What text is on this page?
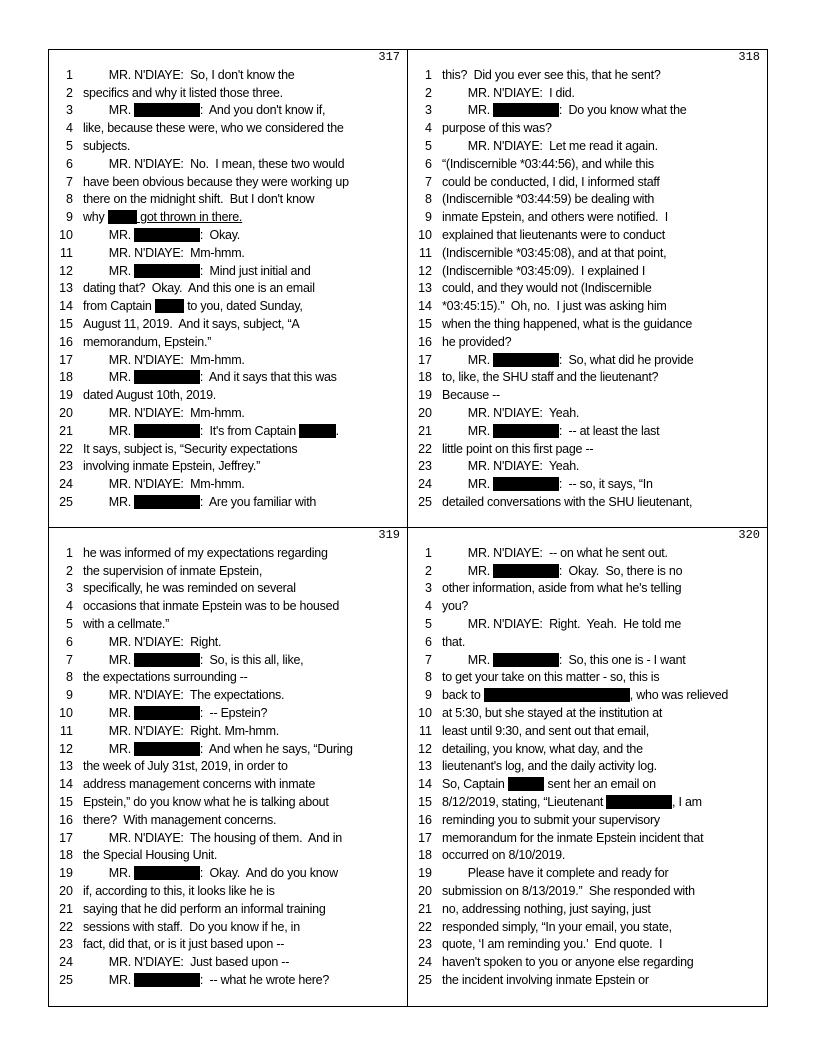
317
1 MR. N'DIAYE:  So, I don't know the
2 specifics and why it listed those three.
3 MR.	:  And you don't know if,
4 like, because these were, who we considered the
5 subjects.
6 MR. N'DIAYE:  No.  I mean, these two would
7 have been obvious because they were working up
8 there on the midnight shift.  But I don't know
9 why  got thrown in there.
10 MR.	:  Okay.
11 MR. N'DIAYE:  Mm-hmm.
12 MR.	:  Mind just initial and
13 dating that?  Okay.  And this one is an email
14 from Captain  to you, dated Sunday,
15 August 11, 2019.  And it says, subject, “A
16 memorandum, Epstein.”
17 MR. N'DIAYE:  Mm-hmm.
18 MR.	:  And it says that this was
19 dated August 10th, 2019.
20 MR. N'DIAYE:  Mm-hmm.
21 MR.	:  It's from Captain	.
22 It says, subject is, “Security expectations
23 involving inmate Epstein, Jeffrey.”
24 MR. N'DIAYE:  Mm-hmm.
25 MR.	:  Are you familiar with
318
1 this?  Did you ever see this, that he sent?
2 MR. N'DIAYE:  I did.
3 MR.	:  Do you know what the
4 purpose of this was?
5 MR. N'DIAYE:  Let me read it again.
6 “(Indiscernible *03:44:56), and while this
7 could be conducted, I did, I informed staff
8 (Indiscernible *03:44:59) be dealing with
9 inmate Epstein, and others were notified.  I
10 explained that lieutenants were to conduct
11 (Indiscernible *03:45:08), and at that point,
12 (Indiscernible *03:45:09).  I explained I
13 could, and they would not (Indiscernible
14 *03:45:15).”  Oh, no.  I just was asking him
15 when the thing happened, what is the guidance
16 he provided?
17 MR.	:  So, what did he provide
18 to, like, the SHU staff and the lieutenant?
19 Because --
20 MR. N'DIAYE:  Yeah.
21 MR.	:  -- at least the last
22 little point on this first page --
23 MR. N'DIAYE:  Yeah.
24 MR.	:  -- so, it says, “In
25 detailed conversations with the SHU lieutenant,
319
1 he was informed of my expectations regarding
2 the supervision of inmate Epstein,
3 specifically, he was reminded on several
4 occasions that inmate Epstein was to be housed
5 with a cellmate.”
6 MR. N'DIAYE:  Right.
7 MR.	:  So, is this all, like,
8 the expectations surrounding --
9 MR. N'DIAYE:  The expectations.
10 MR.	:  -- Epstein?
11 MR. N'DIAYE:  Right. Mm-hmm.
12 MR.	:  And when he says, “During
13 the week of July 31st, 2019, in order to
14 address management concerns with inmate
15 Epstein,” do you know what he is talking about
16 there?  With management concerns.
17 MR. N'DIAYE:  The housing of them.  And in
18 the Special Housing Unit.
19 MR.	:  Okay.  And do you know
20 if, according to this, it looks like he is
21 saying that he did perform an informal training
22 sessions with staff.  Do you know if he, in
23 fact, did that, or is it just based upon --
24 MR. N'DIAYE:  Just based upon --
25 MR.	:  -- what he wrote here?
320
1 MR. N'DIAYE:  -- on what he sent out.
2 MR.	:  Okay.  So, there is no
3 other information, aside from what he's telling
4 you?
5 MR. N'DIAYE:  Right.  Yeah.  He told me
6 that.
7 MR.	:  So, this one is - I want
8 to get your take on this matter - so, this is
9 back to	, who was relieved
10 at 5:30, but she stayed at the institution at
11 least until 9:30, and sent out that email,
12 detailing, you know, what day, and the
13 lieutenant's log, and the daily activity log.
14 So, Captain	sent her an email on
15 8/12/2019, stating, “Lieutenant	, I am
16 reminding you to submit your supervisory
17 memorandum for the inmate Epstein incident that
18 occurred on 8/10/2019.
19 Please have it complete and ready for
20 submission on 8/13/2019.”  She responded with
21 no, addressing nothing, just saying, just
22 responded simply, “In your email, you state,
23 quote, ‘I am reminding you.’  End quote.  I
24 haven't spoken to you or anyone else regarding
25 the incident involving inmate Epstein or
